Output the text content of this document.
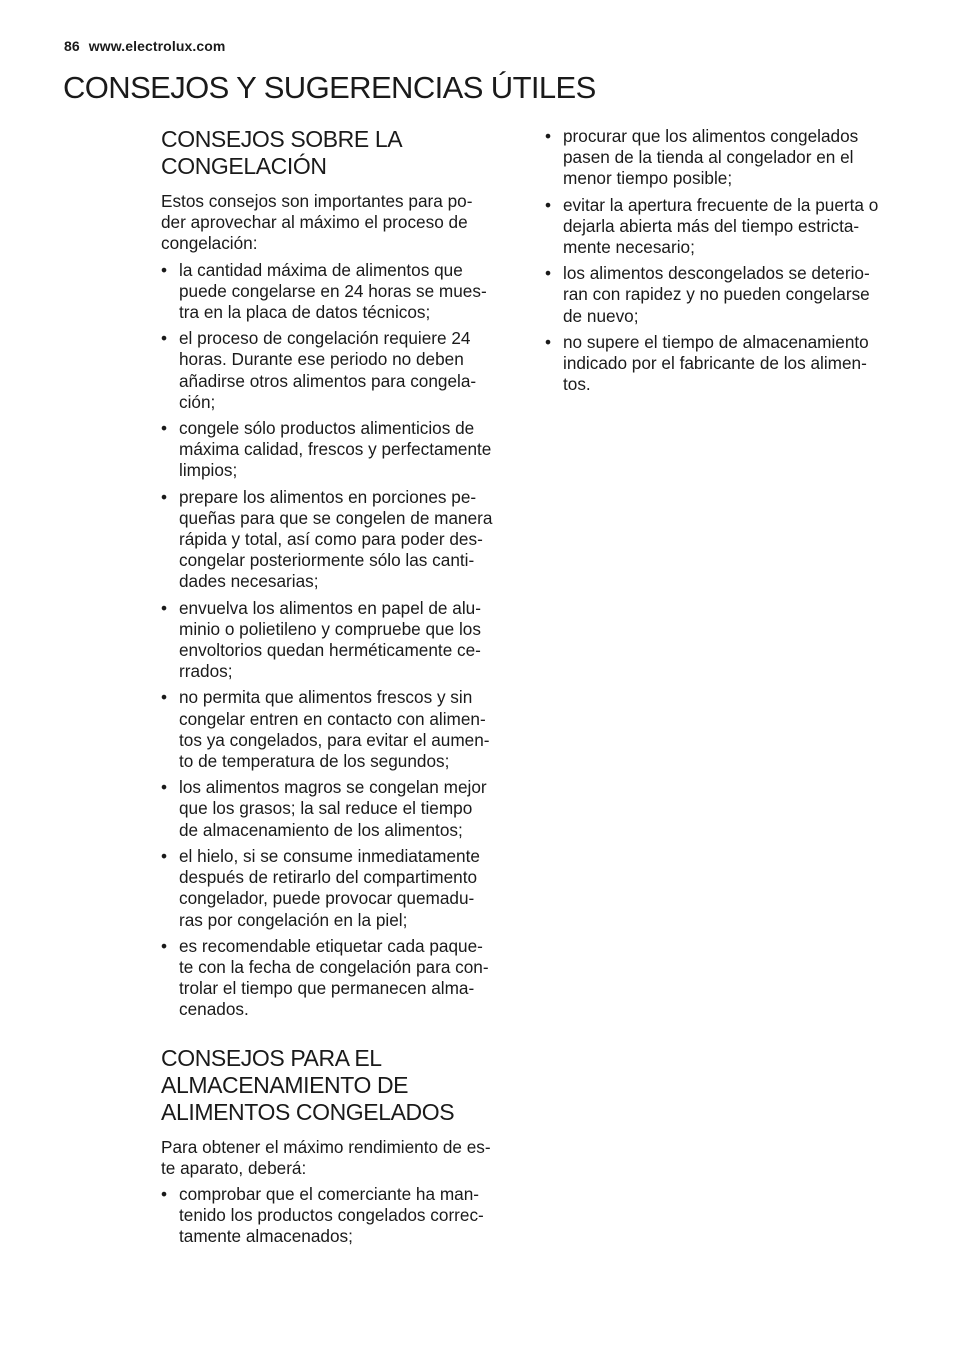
86 www.electrolux.com
CONSEJOS Y SUGERENCIAS ÚTILES
CONSEJOS SOBRE LA
CONGELACIÓN

Estos consejos son importantes para po-
der aprovechar al máximo el proceso de
congelación:

• la cantidad máxima de alimentos que
puede congelarse en 24 horas se mues-
tra en la placa de datos técnicos;
• el proceso de congelación requiere 24
horas. Durante ese periodo no deben
añadirse otros alimentos para congela-
ción;
• congele sólo productos alimenticios de
máxima calidad, frescos y perfectamente
limpios;
• prepare los alimentos en porciones pe-
queñas para que se congelen de manera
rápida y total, así como para poder des-
congelar posteriormente sólo las canti-
dades necesarias;
• envuelva los alimentos en papel de alu-
minio o polietileno y compruebe que los
envoltorios quedan herméticamente ce-
rrados;
• no permita que alimentos frescos y sin
congelar entren en contacto con alimen-
tos ya congelados, para evitar el aumen-
to de temperatura de los segundos;
• los alimentos magros se congelan mejor
que los grasos; la sal reduce el tiempo
de almacenamiento de los alimentos;
• el hielo, si se consume inmediatamente
después de retirarlo del compartimento
congelador, puede provocar quemadu-
ras por congelación en la piel;
• es recomendable etiquetar cada paque-
te con la fecha de congelación para con-
trolar el tiempo que permanecen alma-
cenados.
CONSEJOS PARA EL
ALMACENAMIENTO DE
ALIMENTOS CONGELADOS

Para obtener el máximo rendimiento de es-
te aparato, deberá:

• comprobar que el comerciante ha man-
tenido los productos congelados correc-
tamente almacenados;
• procurar que los alimentos congelados
pasen de la tienda al congelador en el
menor tiempo posible;
• evitar la apertura frecuente de la puerta o
dejarla abierta más del tiempo estricta-
mente necesario;
• los alimentos descongelados se deterio-
ran con rapidez y no pueden congelarse
de nuevo;
• no supere el tiempo de almacenamiento
indicado por el fabricante de los alimen-
tos.
